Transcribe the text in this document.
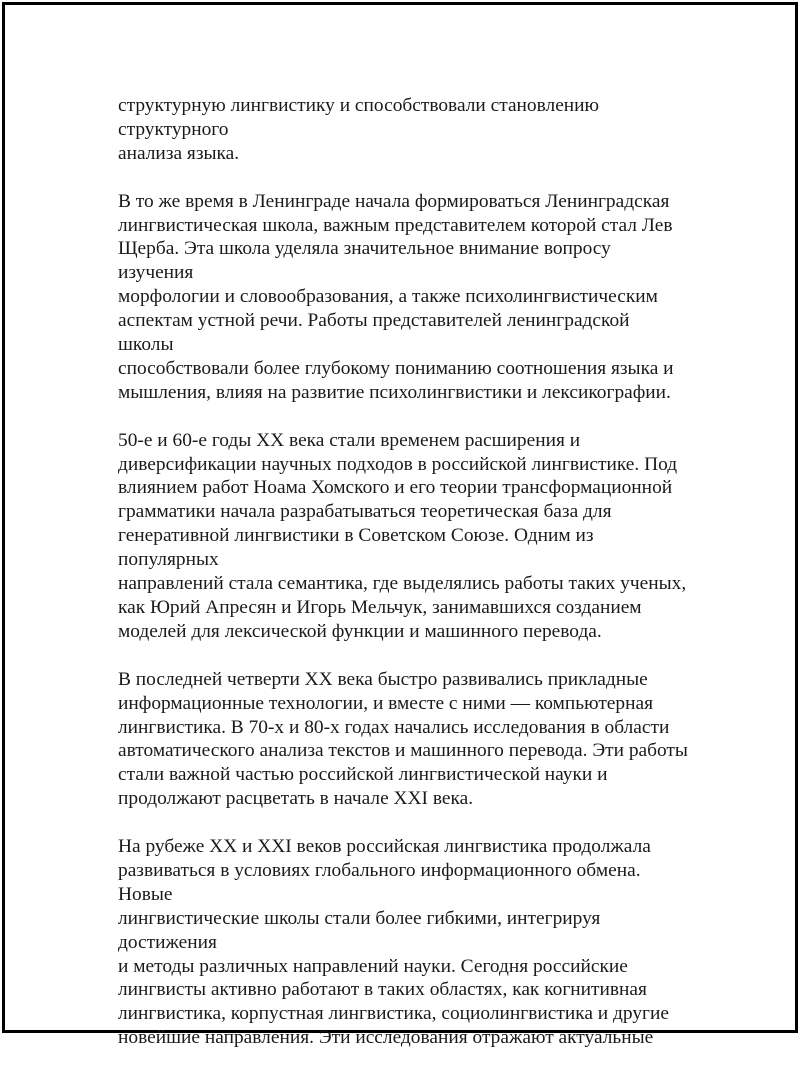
структурную лингвистику и способствовали становлению структурного
анализа языка.

В то же время в Ленинграде начала формироваться Ленинградская
лингвистическая школа, важным представителем которой стал Лев
Щерба. Эта школа уделяла значительное внимание вопросу изучения
морфологии и словообразования, а также психолингвистическим
аспектам устной речи. Работы представителей ленинградской школы
способствовали более глубокому пониманию соотношения языка и
мышления, влияя на развитие психолингвистики и лексикографии.

50-е и 60-е годы XX века стали временем расширения и
диверсификации научных подходов в российской лингвистике. Под
влиянием работ Ноама Хомского и его теории трансформационной
грамматики начала разрабатываться теоретическая база для
генеративной лингвистики в Советском Союзе. Одним из популярных
направлений стала семантика, где выделялись работы таких ученых,
как Юрий Апресян и Игорь Мельчук, занимавшихся созданием
моделей для лексической функции и машинного перевода.

В последней четверти XX века быстро развивались прикладные
информационные технологии, и вместе с ними — компьютерная
лингвистика. В 70-х и 80-х годах начались исследования в области
автоматического анализа текстов и машинного перевода. Эти работы
стали важной частью российской лингвистической науки и
продолжают расцветать в начале XXI века.

На рубеже XX и XXI веков российская лингвистика продолжала
развиваться в условиях глобального информационного обмена. Новые
лингвистические школы стали более гибкими, интегрируя достижения
и методы различных направлений науки. Сегодня российские
лингвисты активно работают в таких областях, как когнитивная
лингвистика, корпустная лингвистика, социолингвистика и другие
новейшие направления. Эти исследования отражают актуальные
